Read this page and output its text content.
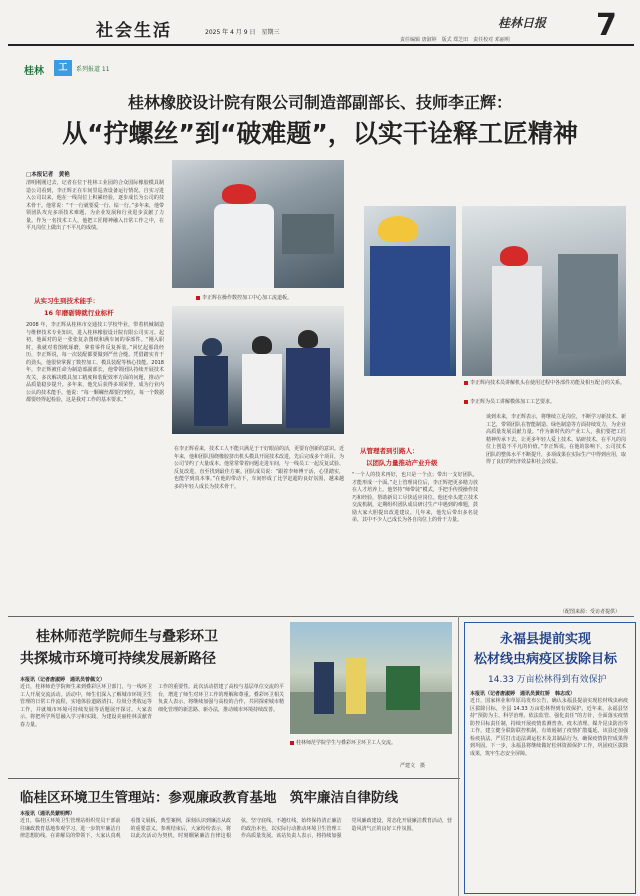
社会生活	2025 年 4 月 9 日　星期三
桂林日报 7
责任编辑 唐淑婷　版式 郑芝田　责任校对 邓丽明
桂林	工	系列报道 11
桂林橡胶设计院有限公司制造部副部长、技师李正辉：
从“拧螺丝”到“破难题”，以实干诠释工匠精神
李正辉在操作数控加工中心加工流道板。
李正辉向技术员讲解机头在使用过程中各部件功能及相互配合的关系。
李正辉为员工讲解模体加工工艺要求。
□本报记者　黄艳
清明刚刚过去，记者在位于桂林工业园的合众国际橡胶模具制造公司看到，李正辉正在车间里巡查设备运行情况。自实习进入公司以来，他在一线岗位上积累经验，逐步成长为公司的技术骨干。他常说：“干一行就要爱一行、钻一行。”多年来，他带领团队攻克多项技术难题，为企业发展和行业进步贡献了力量。作为一名技术工人，他把工匠精神融入日常工作之中，在平凡岗位上做出了不平凡的成绩。
从实习生到技术能手：
16 年磨砺铸就行业标杆
2008 年，李正辉从桂林市交通技工学校毕业，带着机械制造与维修技术专业知识，进入桂林橡胶设计院有限公司实习。起初，他面对的是一张张复杂图纸和满车间的零部件。“刚入职时，我就对着图纸琢磨，拿着零件反复拆装。”回忆起那段经历，李正辉说，每一次装配都要做到严丝合缝。凭借踏实肯干的劲头，他很快掌握了数控加工、模具装配等核心技能。2018 年，李正辉被任命为制造部副部长，他带领团队持续开展技术攻关，多次解决模具加工精度和装配效率方面的问题，推动产品质量稳步提升。多年来，他先后获得多项荣誉，成为行业内公认的技术能手。他说：“每一颗螺丝都要拧到位，每一个数据都要经得起检验，这是我对工作的基本要求。”
在李正辉看来，技术工人不能只满足于干好眼前的活，更要有创新的意识。近年来，他和团队围绕橡胶挤出机头模具开展技术改进，先后完成多个项目，为公司节约了大量成本。他常常带着问题走进车间，与一线员工一起反复试验、反复改进，直至找到最佳方案。团队成员说：“跟着李师傅干活，心里踏实，也能学到真本事。”在他的带动下，车间形成了比学赶超的良好氛围，越来越多的年轻人成长为技术骨干。
从管理者到引路人：
以团队力量推动产业升级
“一个人的技术再好，也只是一个点；带出一支好团队，才能形成一个面。”走上管理岗位后，李正辉把更多精力放在人才培养上。他坚持“师带徒”模式，手把手传授操作技巧和经验，帮助新员工尽快适应岗位。他还牵头建立技术交流机制，定期组织团队成员研讨生产中遇到的难题，鼓励大家大胆提出改进建议。几年来，他先后带出多名徒弟，其中不少人已成长为各自岗位上的骨干力量。
谈到未来，李正辉表示，将继续立足岗位，不断学习新技术、新工艺，带领团队在智能制造、绿色制造等方面持续发力，为企业高质量发展贡献力量。“作为新时代的产业工人，我们要把工匠精神传承下去，让更多年轻人爱上技术、钻研技术，在平凡的岗位上创造不平凡的价值。”李正辉说。在他的影响下，公司技术团队的整体水平不断提升，多项成果在实际生产中得到应用，取得了良好的经济效益和社会效益。
（配图来源：受访者提供）
桂林师范学院师生与叠彩环卫
共探城市环境可持续发展新路径
本报讯（记者唐淑婷　通讯员曾佩文）
近日，桂林师范学院师生来到叠彩区环卫部门，与一线环卫工人开展交流活动。活动中，师生们深入了解城市环境卫生管理的日常工作流程，实地体验道路清扫、垃圾分类收运等工作，并就城市环境可持续发展等话题展开探讨。大家表示，将把所学所思融入学习和实践，为建设美丽桂林贡献青春力量。
工作的重要性。此次活动搭建了高校与基层单位交流的平台，增进了师生对环卫工作的理解和尊重。叠彩环卫相关负责人表示，将继续加强与高校的合作，共同探索城市精细化管理的新思路、新办法，推动城市环境持续改善。
桂林师范学院学生与叠彩环卫环卫工人交流。
严建文　摄
永福县提前实现
松材线虫病疫区拔除目标
14.33 万亩松林得到有效保护
本报讯（记者唐淑婷　通讯员黄红娇　韩志成）
近日，国家林业和草原局发布公告，确认永福县提前实现松材线虫病疫区拔除目标，全县 14.33 万亩松林得到有效保护。近年来，永福县坚持“预防为主、科学治理、依法监管、强化责任”的方针，全面落实疫情防控目标责任制，持续开展疫情监测普查、疫木清理、媒介昆虫防治等工作，建立健全联防联控机制，有效遏制了疫情扩散蔓延。该县还加强检疫执法，严厉打击违法调运松木及其制品行为，确保疫情防控成果得到巩固。下一步，永福县将继续做好松林资源保护工作，巩固疫区拔除成果，筑牢生态安全屏障。
临桂区环境卫生管理站：参观廉政教育基地　筑牢廉洁自律防线
本报讯（通讯员蒙明辉）
近日，临桂区环境卫生管理站组织党员干部前往廉政教育基地参观学习，进一步筑牢廉洁自律思想防线。在讲解员的带领下，大家认真观看图文展板、典型案例，深刻认识到廉洁从政的重要意义。参观结束后，大家纷纷表示，将以此次活动为契机，时刻绷紧廉洁自律这根弦，坚守底线、不越红线，始终保持清正廉洁的政治本色，以实际行动推动环境卫生管理工作高质量发展。该站负责人表示，将持续加强党风廉政建设，常态化开展廉洁教育活动，营造风清气正的良好工作氛围。
